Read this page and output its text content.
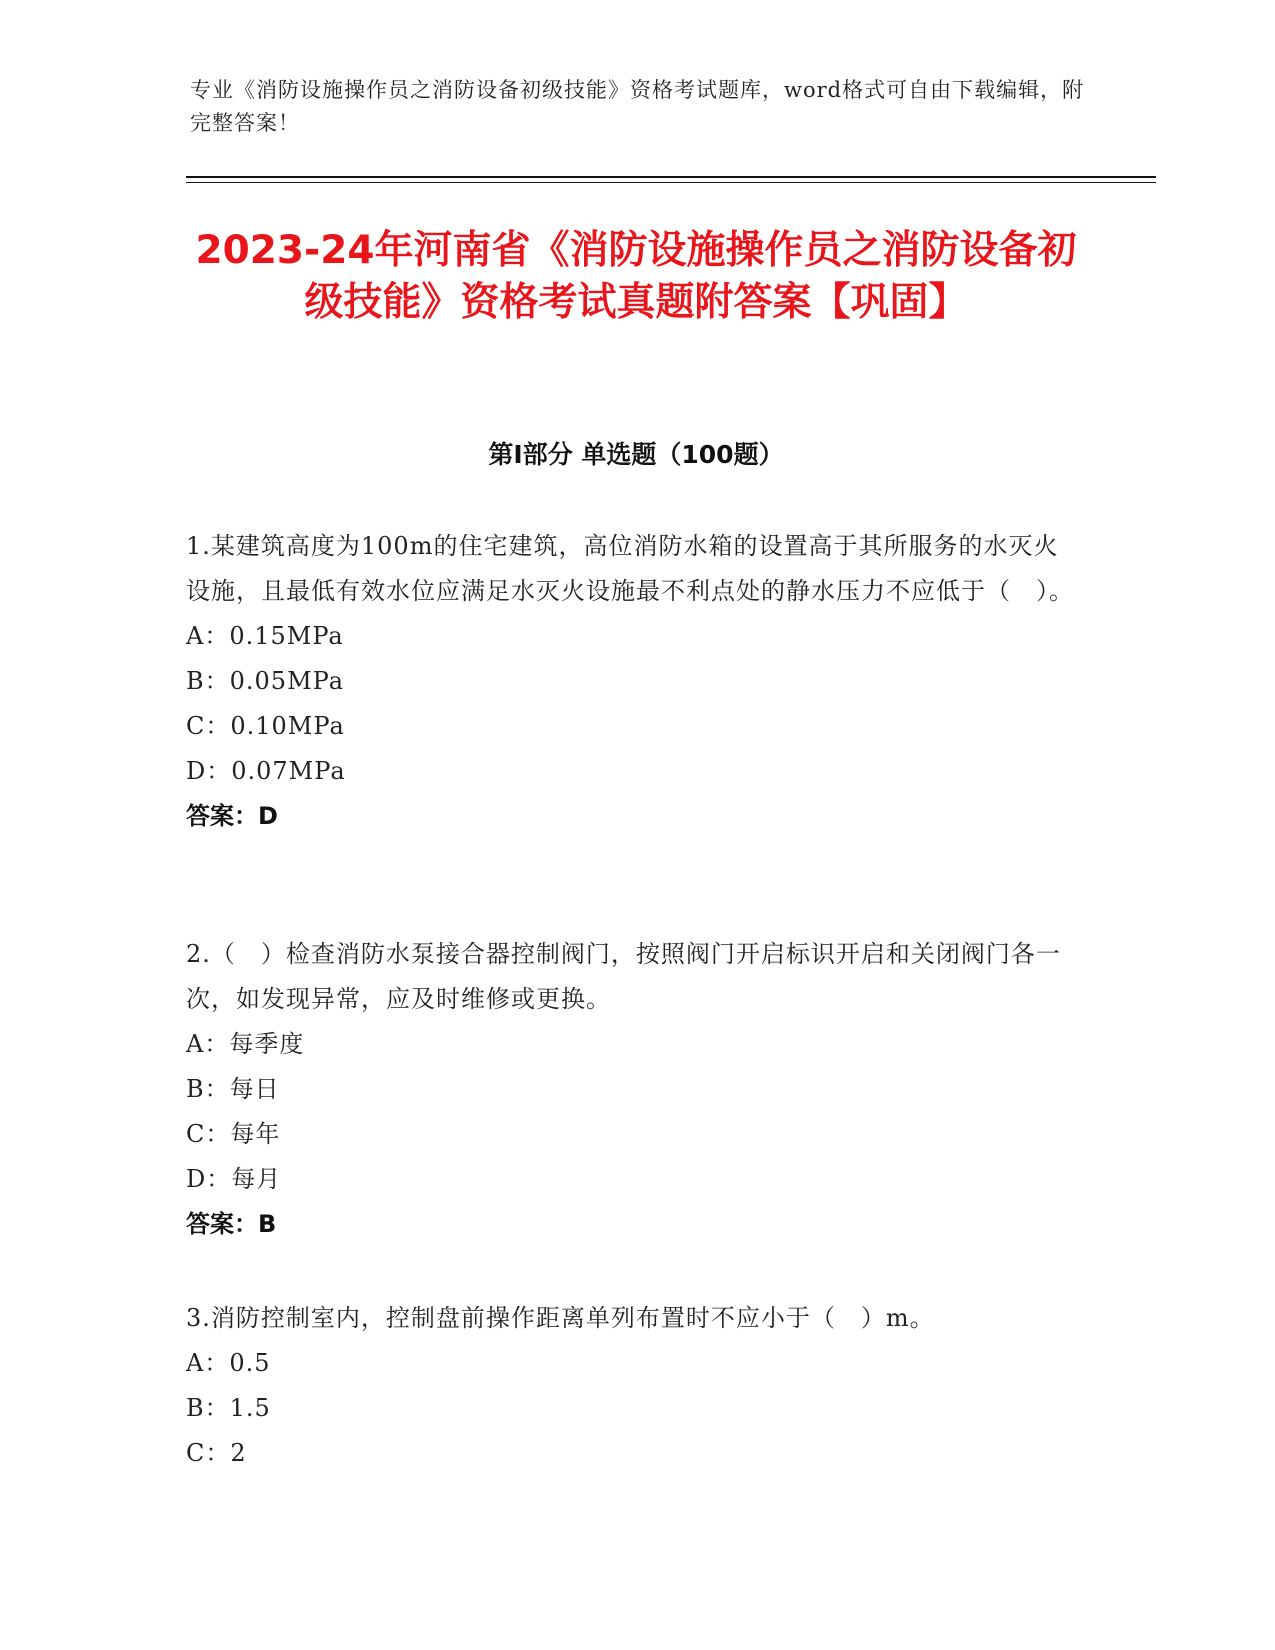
专业《消防设施操作员之消防设备初级技能》资格考试题库，word格式可自由下载编辑，附完整答案！
2023-24年河南省《消防设施操作员之消防设备初级技能》资格考试真题附答案【巩固】
第I部分 单选题（100题）
1.某建筑高度为100m的住宅建筑，高位消防水箱的设置高于其所服务的水灭火设施，且最低有效水位应满足水灭火设施最不利点处的静水压力不应低于（　）。
A：0.15MPa
B：0.05MPa
C：0.10MPa
D：0.07MPa
答案：D
2.（　）检查消防水泵接合器控制阀门，按照阀门开启标识开启和关闭阀门各一次，如发现异常，应及时维修或更换。
A：每季度
B：每日
C：每年
D：每月
答案：B
3.消防控制室内，控制盘前操作距离单列布置时不应小于（　）m。
A：0.5
B：1.5
C：2
